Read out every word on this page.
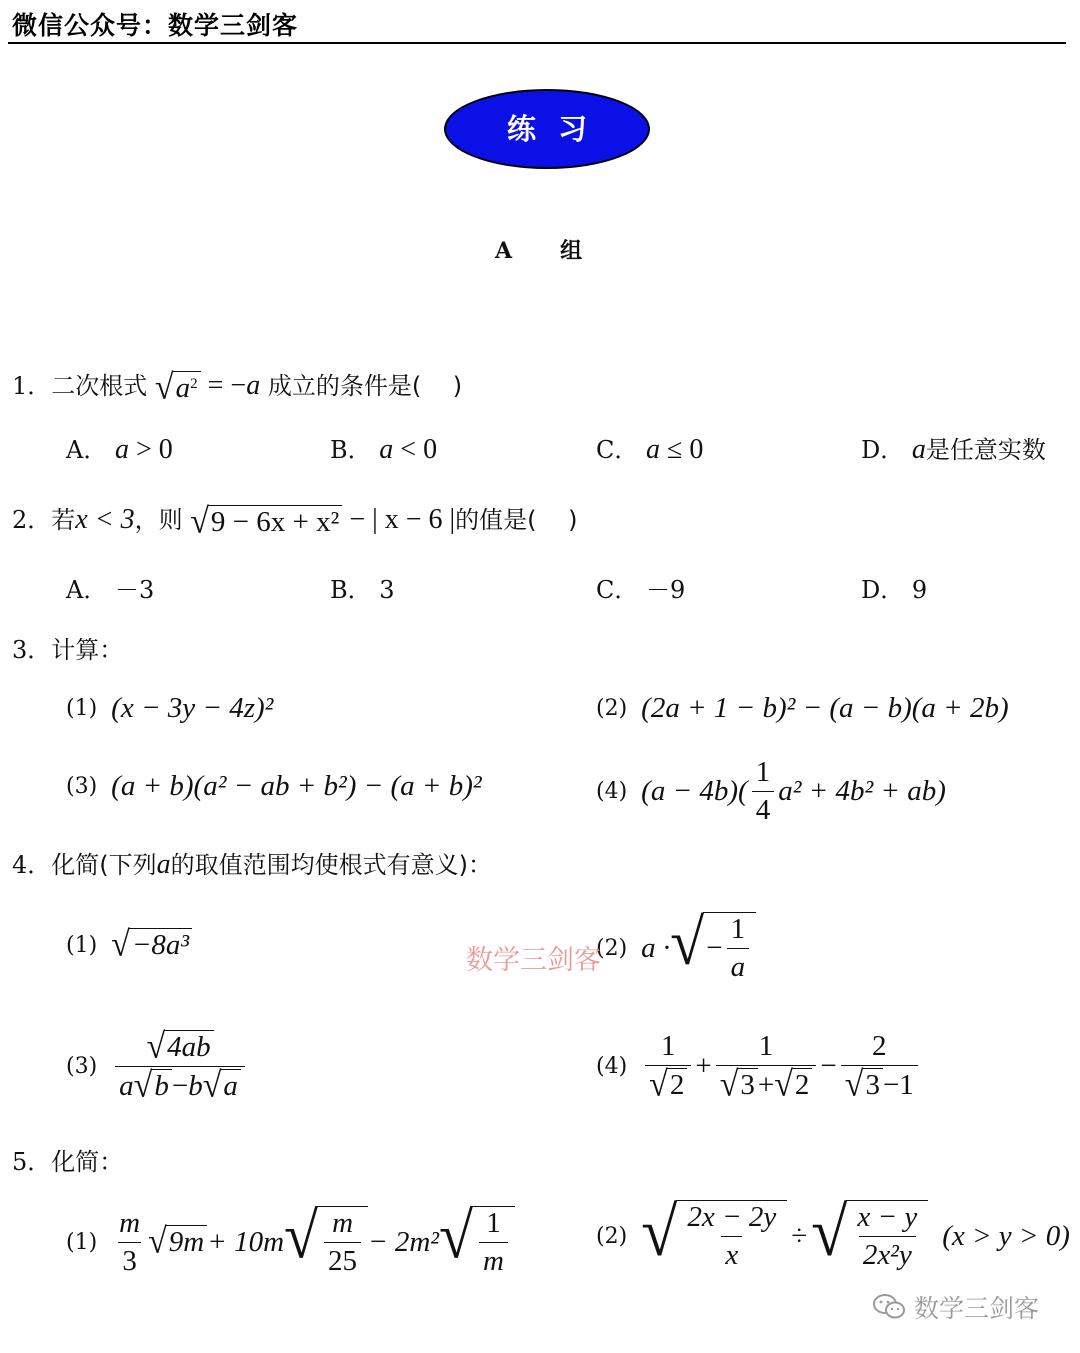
微信公众号：数学三剑客
练习
A 组
1．二次根式 √ a 2 = −a 成立的条件是(　 )
A． a > 0	B． a < 0	C． a ≤ 0	D． a是任意实数
2．若x < 3，则 √ 9 − 6x + x² − | x − 6 |的值是(　 )
A． －3	B． 3	C． －9	D． 9
3．计算：
(1) (x − 3y − 4z)²	(2) (2a + 1 − b)² − (a − b)(a + 2b)
(3) (a + b)(a² − ab + b²) − (a + b)²	(4) $(a - 4b)( \frac{1}{4} a^2 + 4b^2 + ab)$
4．化简(下列a的取值范围均使根式有意义)：
(1) √ −8a³	(2) a · √ − $\frac{1}{a}$
$(3) \frac{√ 4ab}{a √ b - b √ a}$	$(4) \frac{1}{√ 2} + \frac{1}{√ 3 + √ 2} - \frac{2}{√ 3 -1}$
5．化简：
$(1) \frac{m}{3}$ √ 9m + 10m √ $\frac{m}{25} - 2m^2$ √ $\frac{1}{m}$	(2) √ $\frac{2x - 2y}{x}$ ÷ √ $\frac{x - y}{\text{2x²y}} (x > y > 0)$
数学三剑客
数学三剑客
